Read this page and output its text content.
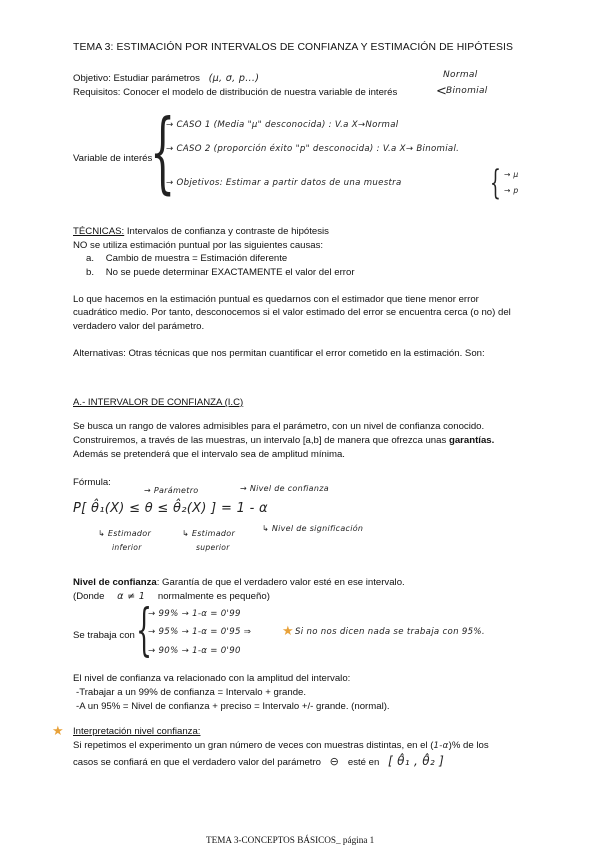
TEMA 3: ESTIMACIÓN POR INTERVALOS DE CONFIANZA Y ESTIMACIÓN DE HIPÓTESIS
Objetivo: Estudiar parámetros (μ, σ, p...)
Requisitos: Conocer el modelo de distribución de nuestra variable de interés
Normal
<
Binomial
Variable de interés
{
→ CASO 1 (Media "μ" desconocida) : V.a X→Normal
→ CASO 2 (proporción éxito "p" desconocida) : V.a X→ Binomial.
→ Objetivos: Estimar a partir datos de una muestra	{ → μ
→ p
TÉCNICAS: Intervalos de confianza y contraste de hipótesis
NO se utiliza estimación puntual por las siguientes causas:
a. Cambio de muestra = Estimación diferente
b. No se puede determinar EXACTAMENTE el valor del error
Lo que hacemos en la estimación puntual es quedarnos con el estimador que tiene menor error
cuadrático medio. Por tanto, desconocemos si el valor estimado del error se encuentra cerca (o no) del
verdadero valor del parámetro.
Alternativas: Otras técnicas que nos permitan cuantificar el error cometido en la estimación. Son:
A.- INTERVALOR DE CONFIANZA (I.C)
Se busca un rango de valores admisibles para el parámetro, con un nivel de confianza conocido.
Construiremos, a través de las muestras, un intervalo [a,b] de manera que ofrezca unas garantías.
Además se pretenderá que el intervalo sea de amplitud mínima.
Fórmula:
→ Parámetro	→ Nivel de confianza
P[ θ̂₁(X) ≤ θ ≤ θ̂₂(X) ] = 1 - α
↳ Estimador
inferior
↳ Estimador
superior
↳ Nivel de significación
Nivel de confianza: Garantía de que el verdadero valor esté en ese intervalo.
(Donde α ≠ 1 normalmente es pequeño)
Se trabaja con {
→ 99% → 1-α = 0'99
→ 95% → 1-α = 0'95 ⇒ ★ Si no nos dicen nada se trabaja con 95%.
→ 90% → 1-α = 0'90
El nivel de confianza va relacionado con la amplitud del intervalo:
-Trabajar a un 99% de confianza = Intervalo + grande.
-A un 95% = Nivel de confianza + preciso = Intervalo +/- grande. (normal).
★ Interpretación nivel confianza:
Si repetimos el experimento un gran número de veces con muestras distintas, en el (1-α)% de los
casos se confiará en que el verdadero valor del parámetro ⊖ esté en [ θ̂₁ , θ̂₂ ]
TEMA 3-CONCEPTOS BÁSICOS_ página 1
